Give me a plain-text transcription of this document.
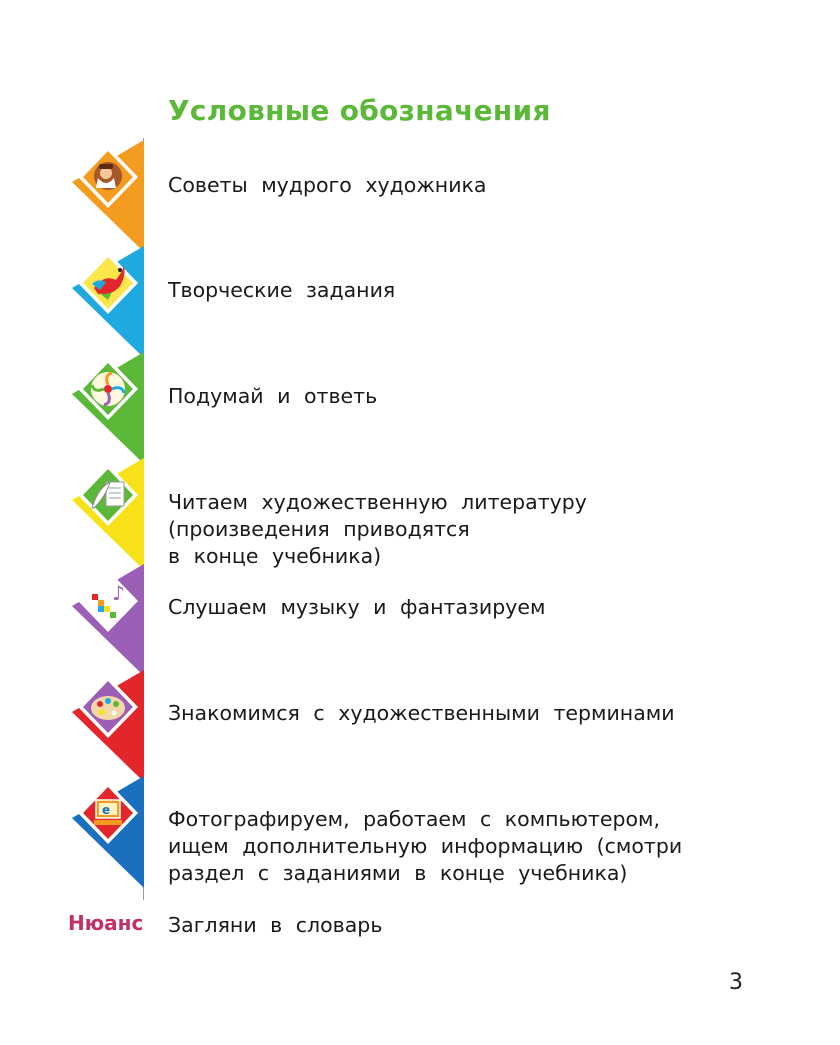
Условные обозначения
Советы мудрого художника
Творческие задания
Подумай и ответь
Читаем художественную литературу
(произведения приводятся
в конце учебника)
♪
Слушаем музыку и фантазируем
Знакомимся с художественными терминами
e	Фотографируем, работаем с компьютером,
ищем дополнительную информацию (смотри
раздел с заданиями в конце учебника)
Нюанс Загляни в словарь
3
